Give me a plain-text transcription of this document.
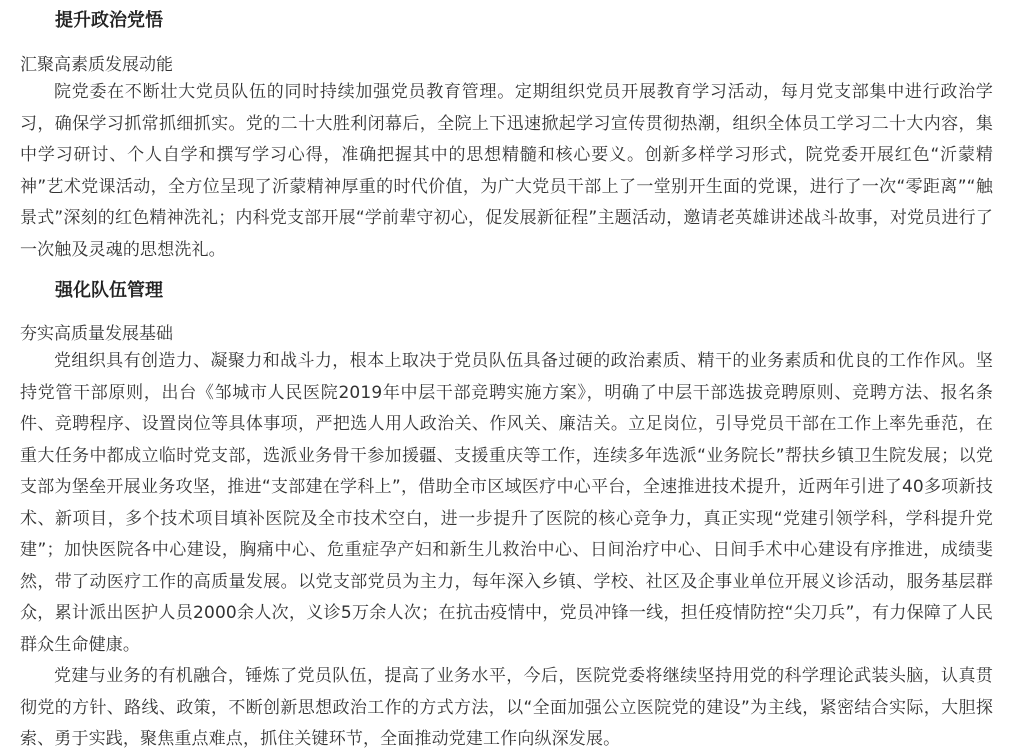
提升政治党悟

汇聚高素质发展动能

院党委在不断壮大党员队伍的同时持续加强党员教育管理。定期组织党员开展教育学习活动，每月党支部集中进行政治学习，确保学习抓常抓细抓实。党的二十大胜利闭幕后，全院上下迅速掀起学习宣传贯彻热潮，组织全体员工学习二十大内容，集中学习研讨、个人自学和撰写学习心得，准确把握其中的思想精髓和核心要义。创新多样学习形式，院党委开展红色“沂蒙精神”艺术党课活动，全方位呈现了沂蒙精神厚重的时代价值，为广大党员干部上了一堂别开生面的党课，进行了一次“零距离”“触景式”深刻的红色精神洗礼；内科党支部开展“学前辈守初心，促发展新征程”主题活动，邀请老英雄讲述战斗故事，对党员进行了一次触及灵魂的思想洗礼。

强化队伍管理

夯实高质量发展基础

党组织具有创造力、凝聚力和战斗力，根本上取决于党员队伍具备过硬的政治素质、精干的业务素质和优良的工作作风。坚持党管干部原则，出台《邹城市人民医院2019年中层干部竞聘实施方案》，明确了中层干部选拔竞聘原则、竞聘方法、报名条件、竞聘程序、设置岗位等具体事项，严把选人用人政治关、作风关、廉洁关。立足岗位，引导党员干部在工作上率先垂范，在重大任务中都成立临时党支部，选派业务骨干参加援疆、支援重庆等工作，连续多年选派“业务院长”帮扶乡镇卫生院发展；以党支部为堡垒开展业务攻坚，推进“支部建在学科上”，借助全市区域医疗中心平台，全速推进技术提升，近两年引进了40多项新技术、新项目，多个技术项目填补医院及全市技术空白，进一步提升了医院的核心竞争力，真正实现“党建引领学科，学科提升党建”；加快医院各中心建设，胸痛中心、危重症孕产妇和新生儿救治中心、日间治疗中心、日间手术中心建设有序推进，成绩斐然，带了动医疗工作的高质量发展。以党支部党员为主力，每年深入乡镇、学校、社区及企事业单位开展义诊活动，服务基层群众，累计派出医护人员2000余人次，义诊5万余人次；在抗击疫情中，党员冲锋一线，担任疫情防控“尖刀兵”，有力保障了人民群众生命健康。

党建与业务的有机融合，锤炼了党员队伍，提高了业务水平，今后，医院党委将继续坚持用党的科学理论武装头脑，认真贯彻党的方针、路线、政策，不断创新思想政治工作的方式方法，以“全面加强公立医院党的建设”为主线，紧密结合实际，大胆探索、勇于实践，聚焦重点难点，抓住关键环节，全面推动党建工作向纵深发展。
